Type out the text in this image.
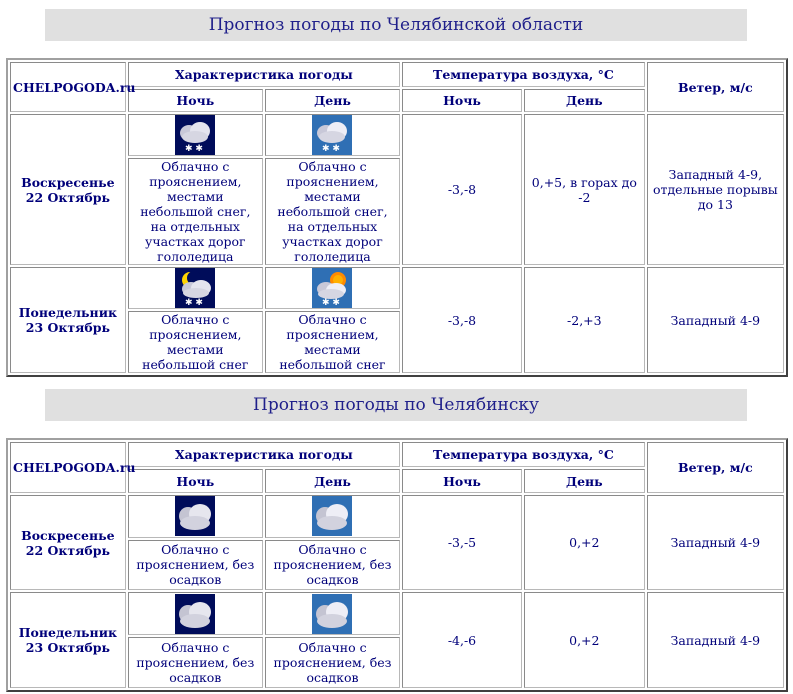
Прогноз погоды по Челябинской области
CHELPOGODA.ru	Характеристика погоды		Температура воздуха, °С		Ветер, м/с
	Ночь	День	Ночь	День	
Воскресенье
22 Октябрь	✱ ✱	✱ ✱	-3,-8	0,+5, в горах до -2	Западный 4-9, отдельные порывы до 13
	Облачно с прояснением, местами небольшой снег, на отдельных участках дорог гололедица	Облачно с прояснением, местами небольшой снег, на отдельных участках дорог гололедица			
Понедельник
23 Октябрь	✱ ✱	✱ ✱	-3,-8	-2,+3	Западный 4-9
	Облачно с прояснением, местами небольшой снег	Облачно с прояснением, местами небольшой снег			
Прогноз погоды по Челябинску
CHELPOGODA.ru	Характеристика погоды		Температура воздуха, °С		Ветер, м/с
	Ночь	День	Ночь	День	
Воскресенье
22 Октябрь			-3,-5	0,+2	Западный 4-9
	Облачно с прояснением, без осадков	Облачно с прояснением, без осадков			
Понедельник
23 Октябрь			-4,-6	0,+2	Западный 4-9
	Облачно с прояснением, без осадков	Облачно с прояснением, без осадков			
